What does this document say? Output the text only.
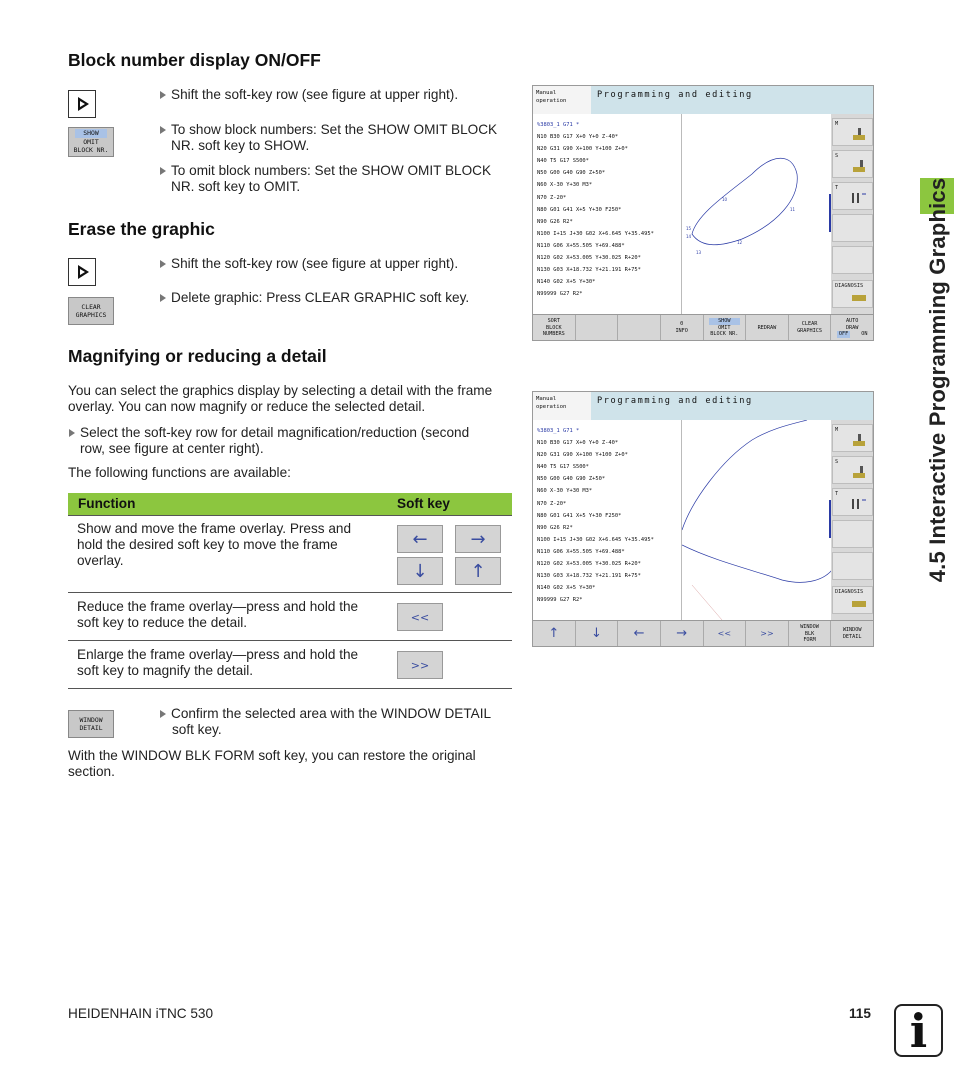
4.5 Interactive Programming Graphics
Block number display ON/OFF
Shift the soft-key row (see figure at upper right).
SHOW
OMIT
BLOCK NR.
To show block numbers: Set the SHOW OMIT BLOCK
NR. soft key to SHOW.
To omit block numbers: Set the SHOW OMIT BLOCK
NR. soft key to OMIT.
Erase the graphic
Shift the soft-key row (see figure at upper right).
CLEAR
GRAPHICS
Delete graphic: Press CLEAR GRAPHIC soft key.
Magnifying or reducing a detail
You can select the graphics display by selecting a detail with the frame
overlay. You can now magnify or reduce the selected detail.
Select the soft-key row for detail magnification/reduction (second
row, see figure at center right).
The following functions are available:
Function	Soft key
Show and move the frame overlay. Press and
hold the desired soft key to move the frame
overlay.
←	→
↓	↑
Reduce the frame overlay—press and hold the
soft key to reduce the detail.	<<
Enlarge the frame overlay—press and hold the
soft key to magnify the detail.	>>
WINDOW
DETAIL
Confirm the selected area with the WINDOW DETAIL
soft key.
With the WINDOW BLK FORM soft key, you can restore the original
section.
Manual
operation
Programming and editing
%3803_1 G71 *
N10 B30 G17 X+0 Y+0 Z-40*
N20 G31 G90 X+100 Y+100 Z+0*
N40 T5 G17 S500*
N50 G00 G40 G90 Z+50*
N60 X-30 Y+30 M3*
N70 Z-20*
N80 G01 G41 X+5 Y+30 F250*
N90 G26 R2*
N100 I+15 J+30 G02 X+6.645 Y+35.495*
N110 G06 X+55.505 Y+69.488*
N120 G02 X+53.005 Y+30.025 R+20*
N130 G03 X+18.732 Y+21.191 R+75*
N140 G02 X+5 Y+30*
N99999 G27 R2*
10
11
12
13
14
15
M
S
T
DIAGNOSIS
SORT
BLOCK
NUMBERS
0
INFO
SHOW
OMIT
BLOCK NR.
REDRAW
CLEAR
GRAPHICS
AUTO
DRAW
OFF	ON
Manual
operation
Programming and editing
%3803_1 G71 *
N10 B30 G17 X+0 Y+0 Z-40*
N20 G31 G90 X+100 Y+100 Z+0*
N40 T5 G17 S500*
N50 G00 G40 G90 Z+50*
N60 X-30 Y+30 M3*
N70 Z-20*
N80 G01 G41 X+5 Y+30 F250*
N90 G26 R2*
N100 I+15 J+30 G02 X+6.645 Y+35.495*
N110 G06 X+55.505 Y+69.488*
N120 G02 X+53.005 Y+30.025 R+20*
N130 G03 X+18.732 Y+21.191 R+75*
N140 G02 X+5 Y+30*
N99999 G27 R2*
M
S
T
DIAGNOSIS
↑	↓	←	→	<<	>>
WINDOW
BLK
FORM
WINDOW
DETAIL
HEIDENHAIN iTNC 530	115 i
